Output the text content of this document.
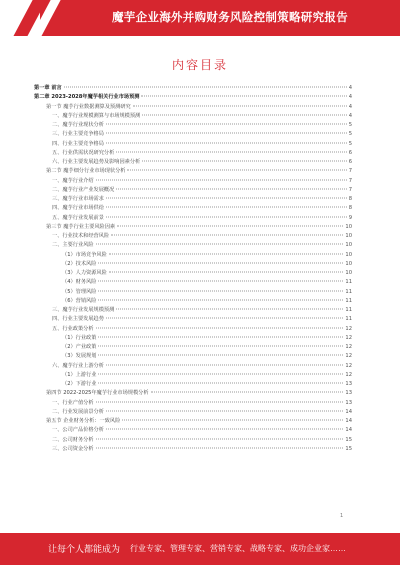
魔芋企业海外并购财务风险控制策略研究报告
内容目录
第一章 前言	4
第二章 2023-2028年魔芋相关行业市场预测	4
第一节 魔芋行业数据测算及预测研究	4
一、魔芋行业规模测算与市场规模预测	4
二、魔芋行业现状分析	5
三、行业主要竞争格局	5
四、行业主要竞争格局	5
五、行业供需状况研究分析	6
六、行业主要发展趋势及影响因素分析	6
第二节 魔芋细分行业市场现状分析	7
一、魔芋行业介绍	7
二、魔芋行业产业发展概况	7
三、魔芋行业市场需求	8
四、魔芋行业市场供给	8
五、魔芋行业发展前景	9
第三节 魔芋行业主要风险因素	10
一、行业技术和经营风险	10
二、主要行业风险	10
（1）市场竞争风险	10
（2）技术风险	10
（3）人力资源风险	10
（4）财务风险	11
（5）管理风险	11
（6）营销风险	11
三、魔芋行业发展规模预测	11
四、行业主要发展趋势	11
五、行业政策分析	12
（1）行业政策	12
（2）产业政策	12
（3）发展规划	12
六、魔芋行业上游分析	12
（1）上游行业	12
（2）下游行业	13
第四节 2022-2025年魔芋行业市场规模分析	13
一、行业产值分析	13
二、行业发展前景分析	14
第五节 企业财务分析：一致风险	14
一、公司产品价格分析	14
二、公司财务分析	15
三、公司资金分析	15
1
让每个人都能成为 行业专家、管理专家、营销专家、战略专家、成功企业家……
